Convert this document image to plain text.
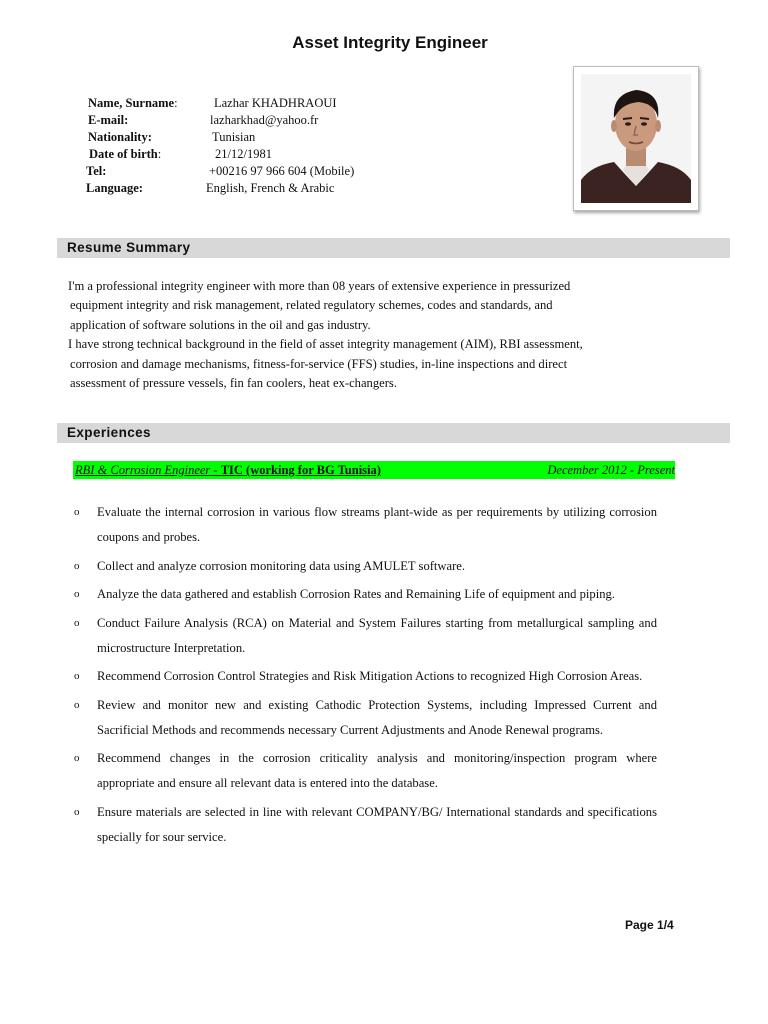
Asset Integrity Engineer
Name, Surname:	Lazhar KHADHRAOUI
E-mail:	lazharkhad@yahoo.fr
Nationality:	Tunisian
Date of birth:	21/12/1981
Tel:	+00216 97 966 604 (Mobile)
Language:	English, French & Arabic
Resume Summary
I'm a professional integrity engineer with more than 08 years of extensive experience in pressurized
equipment integrity and risk management, related regulatory schemes, codes and standards, and
application of software solutions in the oil and gas industry.
I have strong technical background in the field of asset integrity management (AIM), RBI assessment,
corrosion and damage mechanisms, fitness-for-service (FFS) studies, in-line inspections and direct
assessment of pressure vessels, fin fan coolers, heat ex-changers.
Experiences
RBI & Corrosion Engineer - TIC (working for BG Tunisia)	December 2012 - Present
o Evaluate the internal corrosion in various flow streams plant-wide as per requirements by utilizing corrosion coupons and probes.
o Collect and analyze corrosion monitoring data using AMULET software.
o Analyze the data gathered and establish Corrosion Rates and Remaining Life of equipment and piping.
o Conduct Failure Analysis (RCA) on Material and System Failures starting from metallurgical sampling and microstructure Interpretation.
o Recommend Corrosion Control Strategies and Risk Mitigation Actions to recognized High Corrosion Areas.
o Review and monitor new and existing Cathodic Protection Systems, including Impressed Current and Sacrificial Methods and recommends necessary Current Adjustments and Anode Renewal programs.
o Recommend changes in the corrosion criticality analysis and monitoring/inspection program where appropriate and ensure all relevant data is entered into the database.
o Ensure materials are selected in line with relevant COMPANY/BG/ International standards and specifications specially for sour service.
Page 1/4
